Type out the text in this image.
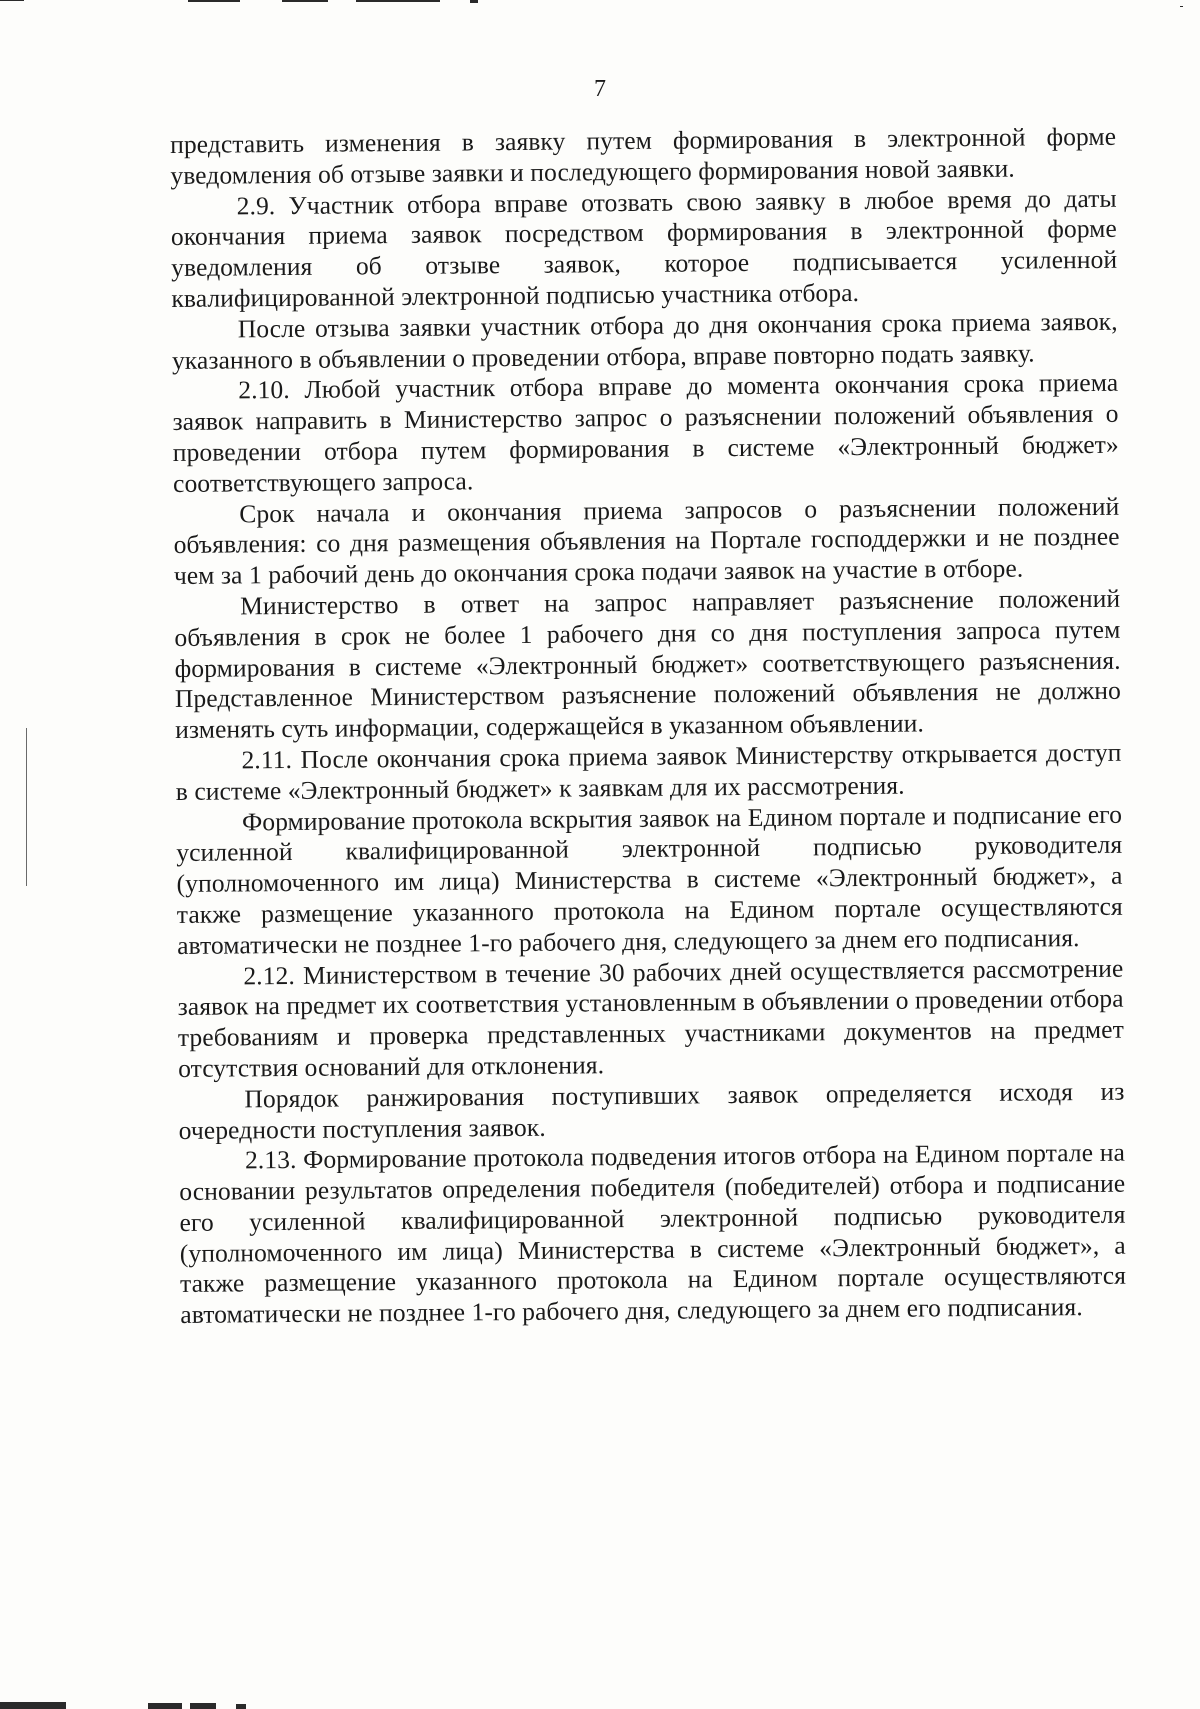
7

представить изменения в заявку путем формирования в электронной форме уведомления об отзыве заявки и последующего формирования новой заявки.

2.9. Участник отбора вправе отозвать свою заявку в любое время до даты окончания приема заявок посредством формирования в электронной форме уведомления об отзыве заявок, которое подписывается усиленной квалифицированной электронной подписью участника отбора.

После отзыва заявки участник отбора до дня окончания срока приема заявок, указанного в объявлении о проведении отбора, вправе повторно подать заявку.

2.10. Любой участник отбора вправе до момента окончания срока приема заявок направить в Министерство запрос о разъяснении положений объявления о проведении отбора путем формирования в системе «Электронный бюджет» соответствующего запроса.

Срок начала и окончания приема запросов о разъяснении положений объявления: со дня размещения объявления на Портале господдержки и не позднее чем за 1 рабочий день до окончания срока подачи заявок на участие в отборе.

Министерство в ответ на запрос направляет разъяснение положений объявления в срок не более 1 рабочего дня со дня поступления запроса путем формирования в системе «Электронный бюджет» соответствующего разъяснения. Представленное Министерством разъяснение положений объявления не должно изменять суть информации, содержащейся в указанном объявлении.

2.11. После окончания срока приема заявок Министерству открывается доступ в системе «Электронный бюджет» к заявкам для их рассмотрения.

Формирование протокола вскрытия заявок на Едином портале и подписание его усиленной квалифицированной электронной подписью руководителя (уполномоченного им лица) Министерства в системе «Электронный бюджет», а также размещение указанного протокола на Едином портале осуществляются автоматически не позднее 1-го рабочего дня, следующего за днем его подписания.

2.12. Министерством в течение 30 рабочих дней осуществляется рассмотрение заявок на предмет их соответствия установленным в объявлении о проведении отбора требованиям и проверка представленных участниками документов на предмет отсутствия оснований для отклонения.

Порядок ранжирования поступивших заявок определяется исходя из очередности поступления заявок.

2.13. Формирование протокола подведения итогов отбора на Едином портале на основании результатов определения победителя (победителей) отбора и подписание его усиленной квалифицированной электронной подписью руководителя (уполномоченного им лица) Министерства в системе «Электронный бюджет», а также размещение указанного протокола на Едином портале осуществляются автоматически не позднее 1-го рабочего дня, следующего за днем его подписания.
